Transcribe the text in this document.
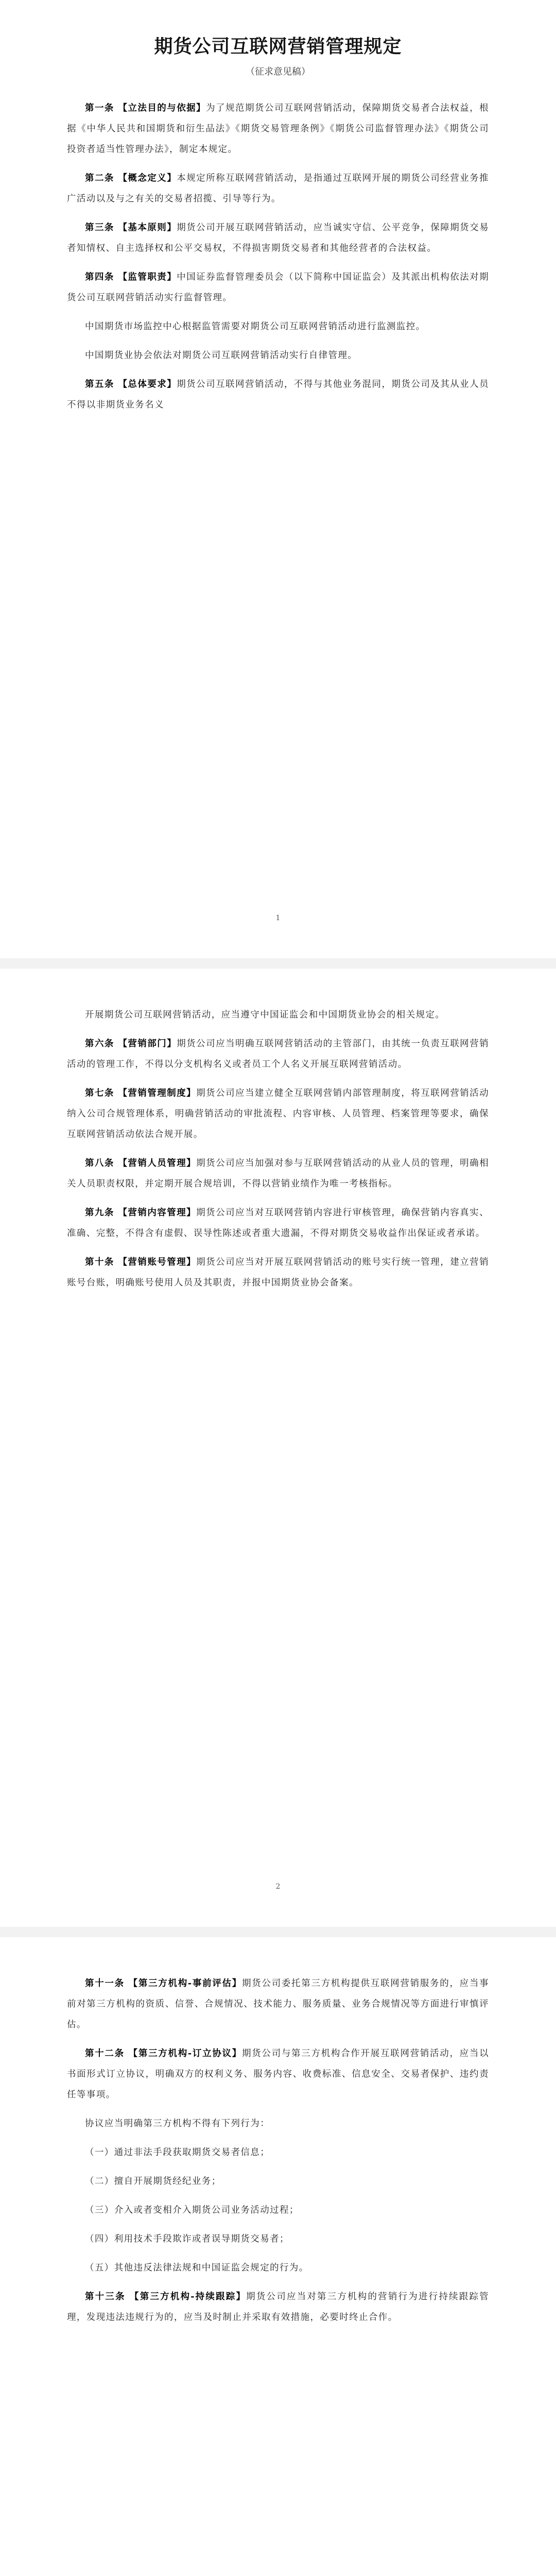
期货公司互联网营销管理规定
（征求意见稿）

第一条 【立法目的与依据】为了规范期货公司互联网营销活动，保障期货交易者合法权益，根据《中华人民共和国期货和衍生品法》《期货交易管理条例》《期货公司监督管理办法》《期货公司投资者适当性管理办法》，制定本规定。

第二条 【概念定义】本规定所称互联网营销活动，是指通过互联网开展的期货公司经营业务推广活动以及与之有关的交易者招揽、引导等行为。

第三条 【基本原则】期货公司开展互联网营销活动，应当诚实守信、公平竞争，保障期货交易者知情权、自主选择权和公平交易权，不得损害期货交易者和其他经营者的合法权益。

第四条 【监管职责】中国证券监督管理委员会（以下简称中国证监会）及其派出机构依法对期货公司互联网营销活动实行监督管理。

中国期货市场监控中心根据监管需要对期货公司互联网营销活动进行监测监控。

中国期货业协会依法对期货公司互联网营销活动实行自律管理。

第五条 【总体要求】期货公司互联网营销活动，不得与其他业务混同，期货公司及其从业人员不得以非期货业务名义

1

开展期货公司互联网营销活动，应当遵守中国证监会和中国期货业协会的相关规定。

第六条 【营销部门】期货公司应当明确互联网营销活动的主管部门，由其统一负责互联网营销活动的管理工作，不得以分支机构名义或者员工个人名义开展互联网营销活动。

第七条 【营销管理制度】期货公司应当建立健全互联网营销内部管理制度，将互联网营销活动纳入公司合规管理体系，明确营销活动的审批流程、内容审核、人员管理、档案管理等要求，确保互联网营销活动依法合规开展。

第八条 【营销人员管理】期货公司应当加强对参与互联网营销活动的从业人员的管理，明确相关人员职责权限，并定期开展合规培训，不得以营销业绩作为唯一考核指标。

第九条 【营销内容管理】期货公司应当对互联网营销内容进行审核管理，确保营销内容真实、准确、完整，不得含有虚假、误导性陈述或者重大遗漏，不得对期货交易收益作出保证或者承诺。

第十条 【营销账号管理】期货公司应当对开展互联网营销活动的账号实行统一管理，建立营销账号台账，明确账号使用人员及其职责，并报中国期货业协会备案。

2

第十一条 【第三方机构-事前评估】期货公司委托第三方机构提供互联网营销服务的，应当事前对第三方机构的资质、信誉、合规情况、技术能力、服务质量、业务合规情况等方面进行审慎评估。

第十二条 【第三方机构-订立协议】期货公司与第三方机构合作开展互联网营销活动，应当以书面形式订立协议，明确双方的权利义务、服务内容、收费标准、信息安全、交易者保护、违约责任等事项。

协议应当明确第三方机构不得有下列行为：

（一）通过非法手段获取期货交易者信息；

（二）擅自开展期货经纪业务；

（三）介入或者变相介入期货公司业务活动过程；

（四）利用技术手段欺诈或者误导期货交易者；

（五）其他违反法律法规和中国证监会规定的行为。

第十三条 【第三方机构-持续跟踪】期货公司应当对第三方机构的营销行为进行持续跟踪管理，发现违法违规行为的，应当及时制止并采取有效措施，必要时终止合作。
